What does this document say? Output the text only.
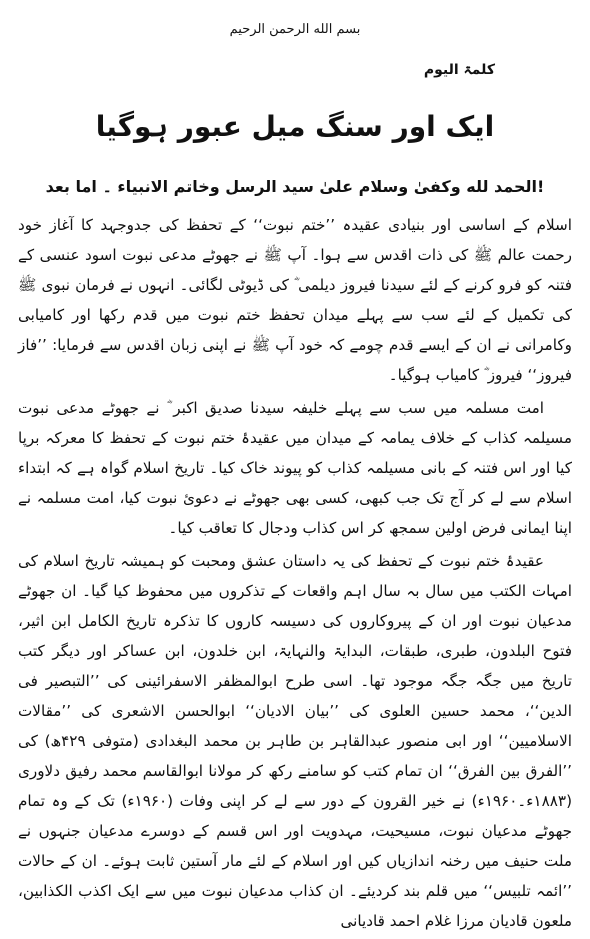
بسم الله الرحمن الرحيم
کلمۃ الیوم
ایک اور سنگ میل عبور ہوگیا
الحمد لله وکفیٰ وسلام علیٰ سید الرسل وخاتم الانبیاء ۔ اما بعد!

اسلام کے اساسی اور بنیادی عقیدہ ’’ختم نبوت‘‘ کے تحفظ کی جدوجہد کا آغاز خود رحمت عالم ﷺ کی ذات اقدس سے ہوا۔ آپ ﷺ نے جھوٹے مدعی نبوت اسود عنسی کے فتنہ کو فرو کرنے کے لئے سیدنا فیروز دیلمی ؓ کی ڈیوٹی لگائی۔ انہوں نے فرمان نبوی ﷺ کی تکمیل کے لئے سب سے پہلے میدان تحفظ ختم نبوت میں قدم رکھا اور کامیابی وکامرانی نے ان کے ایسے قدم چومے کہ خود آپ ﷺ نے اپنی زبان اقدس سے فرمایا: ’’فاز فیروز‘‘ فیروز ؓ کامیاب ہوگیا۔

امت مسلمہ میں سب سے پہلے خلیفہ سیدنا صدیق اکبر ؓ نے جھوٹے مدعی نبوت مسیلمہ کذاب کے خلاف یمامہ کے میدان میں عقیدۂ ختم نبوت کے تحفظ کا معرکہ برپا کیا اور اس فتنہ کے بانی مسیلمہ کذاب کو پیوند خاک کیا۔ تاریخ اسلام گواہ ہے کہ ابتداء اسلام سے لے کر آج تک جب کبھی، کسی بھی جھوٹے نے دعویٔ نبوت کیا، امت مسلمہ نے اپنا ایمانی فرض اولین سمجھ کر اس کذاب ودجال کا تعاقب کیا۔

عقیدۂ ختم نبوت کے تحفظ کی یہ داستان عشق ومحبت کو ہمیشہ تاریخ اسلام کی امہات الکتب میں سال بہ سال اہم واقعات کے تذکروں میں محفوظ کیا گیا۔ ان جھوٹے مدعیان نبوت اور ان کے پیروکاروں کی دسیسہ کاروں کا تذکرہ تاریخ الکامل ابن اثیر، فتوح البلدون، طبری، طبقات، البدایۃ والنہایۃ، ابن خلدون، ابن عساکر اور دیگر کتب تاریخ میں جگہ جگہ موجود تھا۔ اسی طرح ابوالمظفر الاسفرائینی کی ’’التبصیر فی الدین‘‘، محمد حسین العلوی کی ’’بیان الادیان‘‘ ابوالحسن الاشعری کی ’’مقالات الاسلامیین‘‘ اور ابی منصور عبدالقاہر بن طاہر بن محمد البغدادی (متوفی ۴۲۹ھ) کی ’’الفرق بین الفرق‘‘ ان تمام کتب کو سامنے رکھ کر مولانا ابوالقاسم محمد رفیق دلاوری (۱۸۸۳ء۔۱۹۶۰ء) نے خیر القرون کے دور سے لے کر اپنی وفات (۱۹۶۰ء) تک کے وہ تمام جھوٹے مدعیان نبوت، مسیحیت، مہدویت اور اس قسم کے دوسرے مدعیان جنہوں نے ملت حنیف میں رخنہ اندازیاں کیں اور اسلام کے لئے مار آستین ثابت ہوئے۔ ان کے حالات ’’ائمہ تلبیس‘‘ میں قلم بند کردیئے۔ ان کذاب مدعیان نبوت میں سے ایک اکذب الکذابین، ملعون قادیان مرزا غلام احمد قادیانی
